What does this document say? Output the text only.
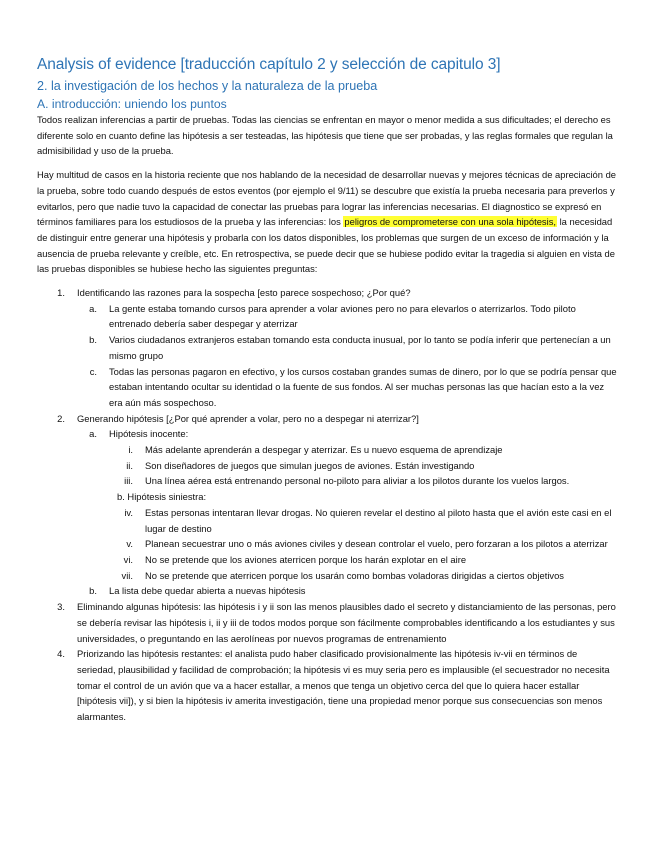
Analysis of evidence [traducción capítulo 2 y selección de capitulo 3]
2. la investigación de los hechos y la naturaleza de la prueba
A. introducción: uniendo los puntos

Todos realizan inferencias a partir de pruebas. Todas las ciencias se enfrentan en mayor o menor medida a sus dificultades; el derecho es diferente solo en cuanto define las hipótesis a ser testeadas, las hipótesis que tiene que ser probadas, y las reglas formales que regulan la admisibilidad y uso de la prueba.

Hay multitud de casos en la historia reciente que nos hablando de la necesidad de desarrollar nuevas y mejores técnicas de apreciación de la prueba, sobre todo cuando después de estos eventos (por ejemplo el 9/11) se descubre que existía la prueba necesaria para preverlos y evitarlos, pero que nadie tuvo la capacidad de conectar las pruebas para lograr las inferencias necesarias. El diagnostico se expresó en términos familiares para los estudiosos de la prueba y las inferencias: los peligros de comprometerse con una sola hipótesis, la necesidad de distinguir entre generar una hipótesis y probarla con los datos disponibles, los problemas que surgen de un exceso de información y la ausencia de prueba relevante y creíble, etc. En retrospectiva, se puede decir que se hubiese podido evitar la tragedia si alguien en vista de las pruebas disponibles se hubiese hecho las siguientes preguntas:

1.	Identificando las razones para la sospecha [esto parece sospechoso; ¿Por qué?
a.	La gente estaba tomando cursos para aprender a volar aviones pero no para elevarlos o aterrizarlos. Todo piloto entrenado debería saber despegar y aterrizar
b.	Varios ciudadanos extranjeros estaban tomando esta conducta inusual, por lo tanto se podía inferir que pertenecían a un mismo grupo
c.	Todas las personas pagaron en efectivo, y los cursos costaban grandes sumas de dinero, por lo que se podría pensar que estaban intentando ocultar su identidad o la fuente de sus fondos. Al ser muchas personas las que hacían esto a la vez era aún más sospechoso.
2.	Generando hipótesis [¿Por qué aprender a volar, pero no a despegar ni aterrizar?]
a.	Hipótesis inocente:
i.	Más adelante aprenderán a despegar y aterrizar. Es u nuevo esquema de aprendizaje
ii.	Son diseñadores de juegos que simulan juegos de aviones. Están investigando
iii.	Una línea aérea está entrenando personal no-piloto para aliviar a los pilotos durante los vuelos largos.
b. Hipótesis siniestra:
iv.	Estas personas intentaran llevar drogas. No quieren revelar el destino al piloto hasta que el avión este casi en el lugar de destino
v.	Planean secuestrar uno o más aviones civiles y desean controlar el vuelo, pero forzaran a los pilotos a aterrizar
vi.	No se pretende que los aviones aterricen porque los harán explotar en el aire
vii.	No se pretende que aterricen porque los usarán como bombas voladoras dirigidas a ciertos objetivos
b.	La lista debe quedar abierta a nuevas hipótesis
3.	Eliminando algunas hipótesis: las hipótesis i y ii son las menos plausibles dado el secreto y distanciamiento de las personas, pero se debería revisar las hipótesis i, ii y iii de todos modos porque son fácilmente comprobables identificando a los estudiantes y sus universidades, o preguntando en las aerolíneas por nuevos programas de entrenamiento
4.	Priorizando las hipótesis restantes: el analista pudo haber clasificado provisionalmente las hipótesis iv-vii en términos de seriedad, plausibilidad y facilidad de comprobación; la hipótesis vi es muy seria pero es implausible (el secuestrador no necesita tomar el control de un avión que va a hacer estallar, a menos que tenga un objetivo cerca del que lo quiera hacer estallar [hipótesis vii]), y si bien la hipótesis iv amerita investigación, tiene una propiedad menor porque sus consecuencias son menos alarmantes.
